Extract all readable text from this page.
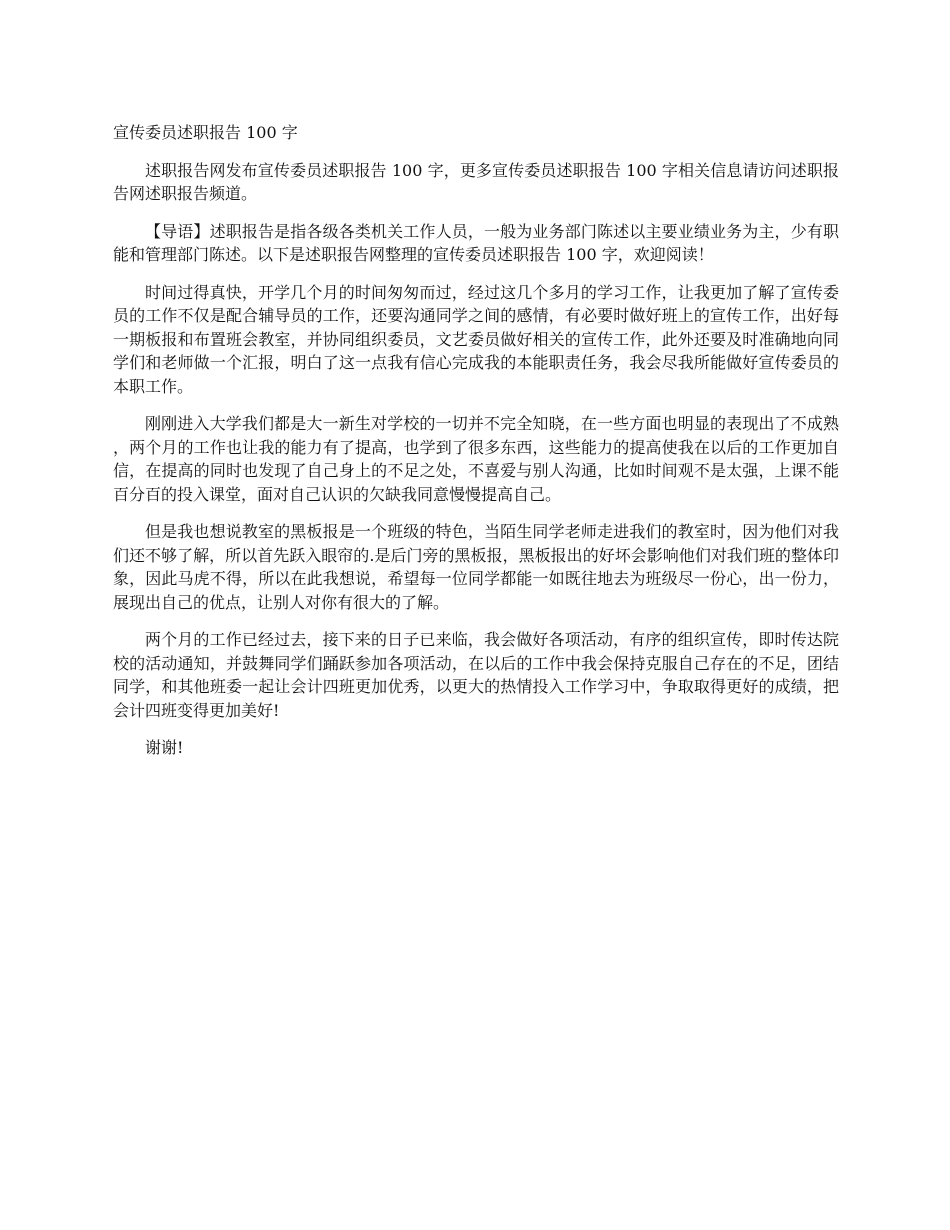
宣传委员述职报告 100 字

述职报告网发布宣传委员述职报告 100 字，更多宣传委员述职报告 100 字相关信息请访问述职报告网述职报告频道。

【导语】述职报告是指各级各类机关工作人员，一般为业务部门陈述以主要业绩业务为主，少有职能和管理部门陈述。以下是述职报告网整理的宣传委员述职报告 100 字，欢迎阅读！

时间过得真快，开学几个月的时间匆匆而过，经过这几个多月的学习工作，让我更加了解了宣传委员的工作不仅是配合辅导员的工作，还要沟通同学之间的感情，有必要时做好班上的宣传工作，出好每一期板报和布置班会教室，并协同组织委员，文艺委员做好相关的宣传工作，此外还要及时准确地向同学们和老师做一个汇报，明白了这一点我有信心完成我的本能职责任务，我会尽我所能做好宣传委员的本职工作。

刚刚进入大学我们都是大一新生对学校的一切并不完全知晓，在一些方面也明显的表现出了不成熟，两个月的工作也让我的能力有了提高，也学到了很多东西，这些能力的提高使我在以后的工作更加自信，在提高的同时也发现了自己身上的不足之处，不喜爱与别人沟通，比如时间观不是太强，上课不能百分百的投入课堂，面对自己认识的欠缺我同意慢慢提高自己。

但是我也想说教室的黑板报是一个班级的特色，当陌生同学老师走进我们的教室时，因为他们对我们还不够了解，所以首先跃入眼帘的.是后门旁的黑板报，黑板报出的好坏会影响他们对我们班的整体印象，因此马虎不得，所以在此我想说，希望每一位同学都能一如既往地去为班级尽一份心，出一份力，展现出自己的优点，让别人对你有很大的了解。

两个月的工作已经过去，接下来的日子已来临，我会做好各项活动，有序的组织宣传，即时传达院校的活动通知，并鼓舞同学们踊跃参加各项活动，在以后的工作中我会保持克服自己存在的不足，团结同学，和其他班委一起让会计四班更加优秀，以更大的热情投入工作学习中，争取取得更好的成绩，把会计四班变得更加美好!

谢谢!
